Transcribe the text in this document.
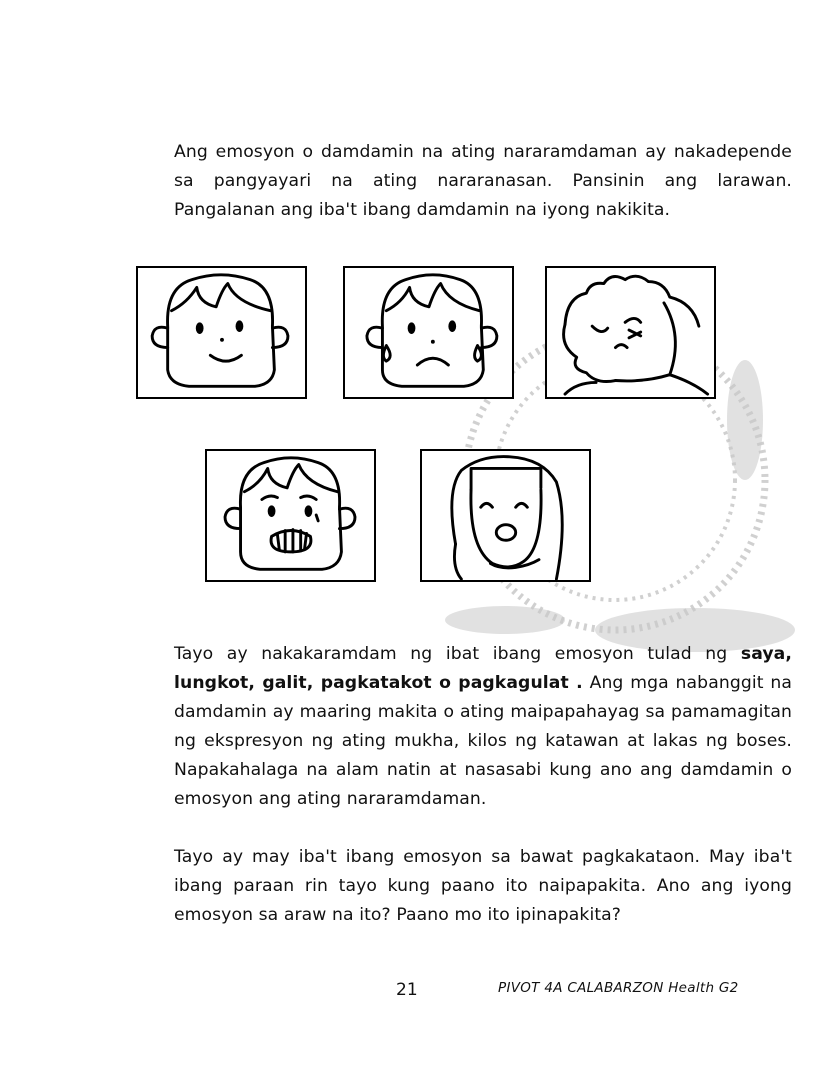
Ang emosyon o damdamin na ating nararamdaman ay nakadepende sa pangyayari na ating nararanasan. Pansinin ang larawan. Pangalanan ang iba't ibang damdamin na iyong nakikita.

Tayo ay nakakaramdam ng ibat ibang emosyon tulad ng saya, lungkot, galit, pagkatakot o pagkagulat . Ang mga nabanggit na damdamin ay maaring makita o ating maipapahayag sa pamamagitan ng ekspresyon ng ating mukha, kilos ng katawan at lakas ng boses. Napakahalaga na alam natin at nasasabi kung ano ang damdamin o emosyon ang ating nararamdaman.

Tayo ay may iba't ibang emosyon sa bawat pagkakataon. May iba't ibang paraan rin tayo kung paano ito naipapakita. Ano ang iyong emosyon sa araw na ito? Paano mo ito ipinapakita?

21	PIVOT 4A CALABARZON Health G2
